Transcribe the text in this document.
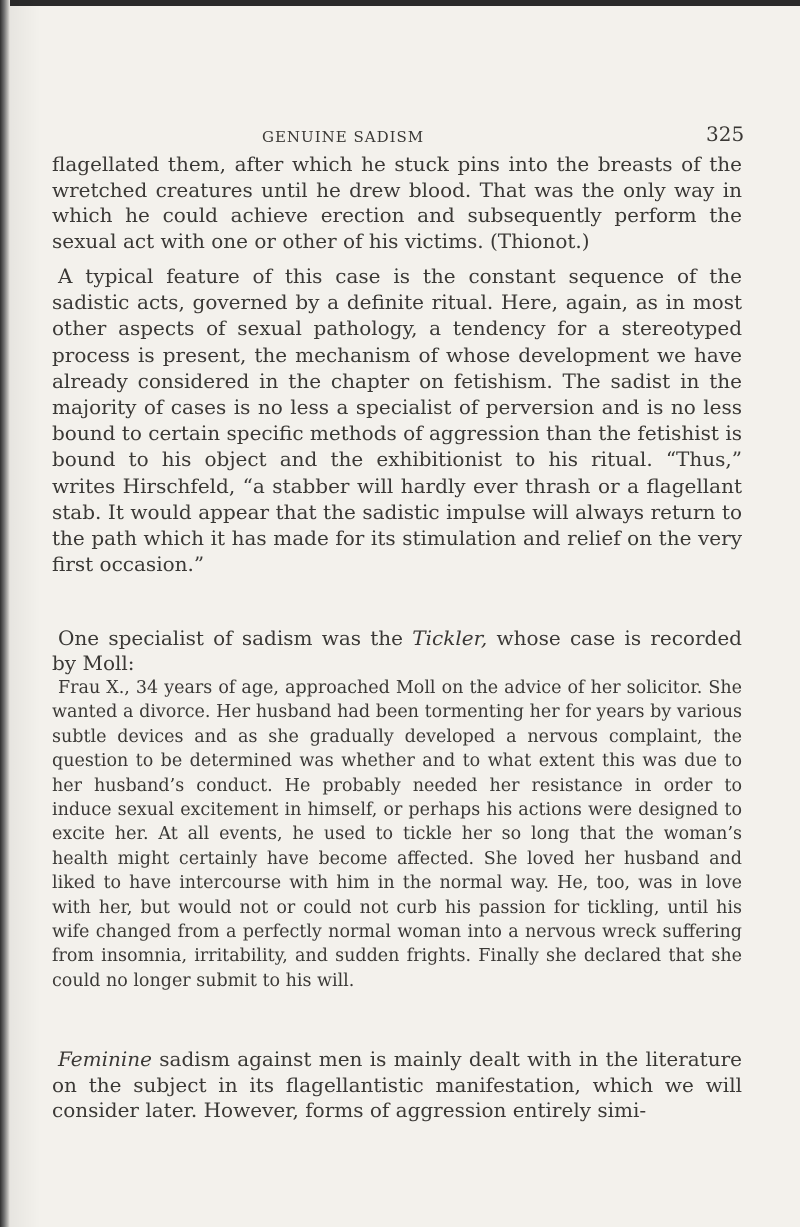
GENUINE SADISM	325

flagellated them, after which he stuck pins into the breasts of the wretched creatures until he drew blood. That was the only way in which he could achieve erection and subsequently perform the sexual act with one or other of his victims. (Thionot.)

A typical feature of this case is the constant sequence of the sadistic acts, governed by a definite ritual. Here, again, as in most other aspects of sexual pathology, a tendency for a stereotyped process is present, the mechanism of whose development we have already considered in the chapter on fetishism. The sadist in the majority of cases is no less a specialist of perversion and is no less bound to certain specific methods of aggression than the fetishist is bound to his object and the exhibitionist to his ritual. “Thus,” writes Hirschfeld, “a stabber will hardly ever thrash or a flagellant stab. It would appear that the sadistic impulse will always return to the path which it has made for its stimulation and relief on the very first occasion.”

One specialist of sadism was the Tickler, whose case is recorded by Moll:

Frau X., 34 years of age, approached Moll on the advice of her solicitor. She wanted a divorce. Her husband had been tormenting her for years by various subtle devices and as she gradually developed a nervous complaint, the question to be determined was whether and to what extent this was due to her husband’s conduct. He probably needed her resistance in order to induce sexual excitement in himself, or perhaps his actions were designed to excite her. At all events, he used to tickle her so long that the woman’s health might certainly have become affected. She loved her husband and liked to have intercourse with him in the normal way. He, too, was in love with her, but would not or could not curb his passion for tickling, until his wife changed from a perfectly normal woman into a nervous wreck suffering from insomnia, irritability, and sudden frights. Finally she declared that she could no longer submit to his will.

Feminine sadism against men is mainly dealt with in the literature on the subject in its flagellantistic manifestation, which we will consider later. However, forms of aggression entirely simi-
